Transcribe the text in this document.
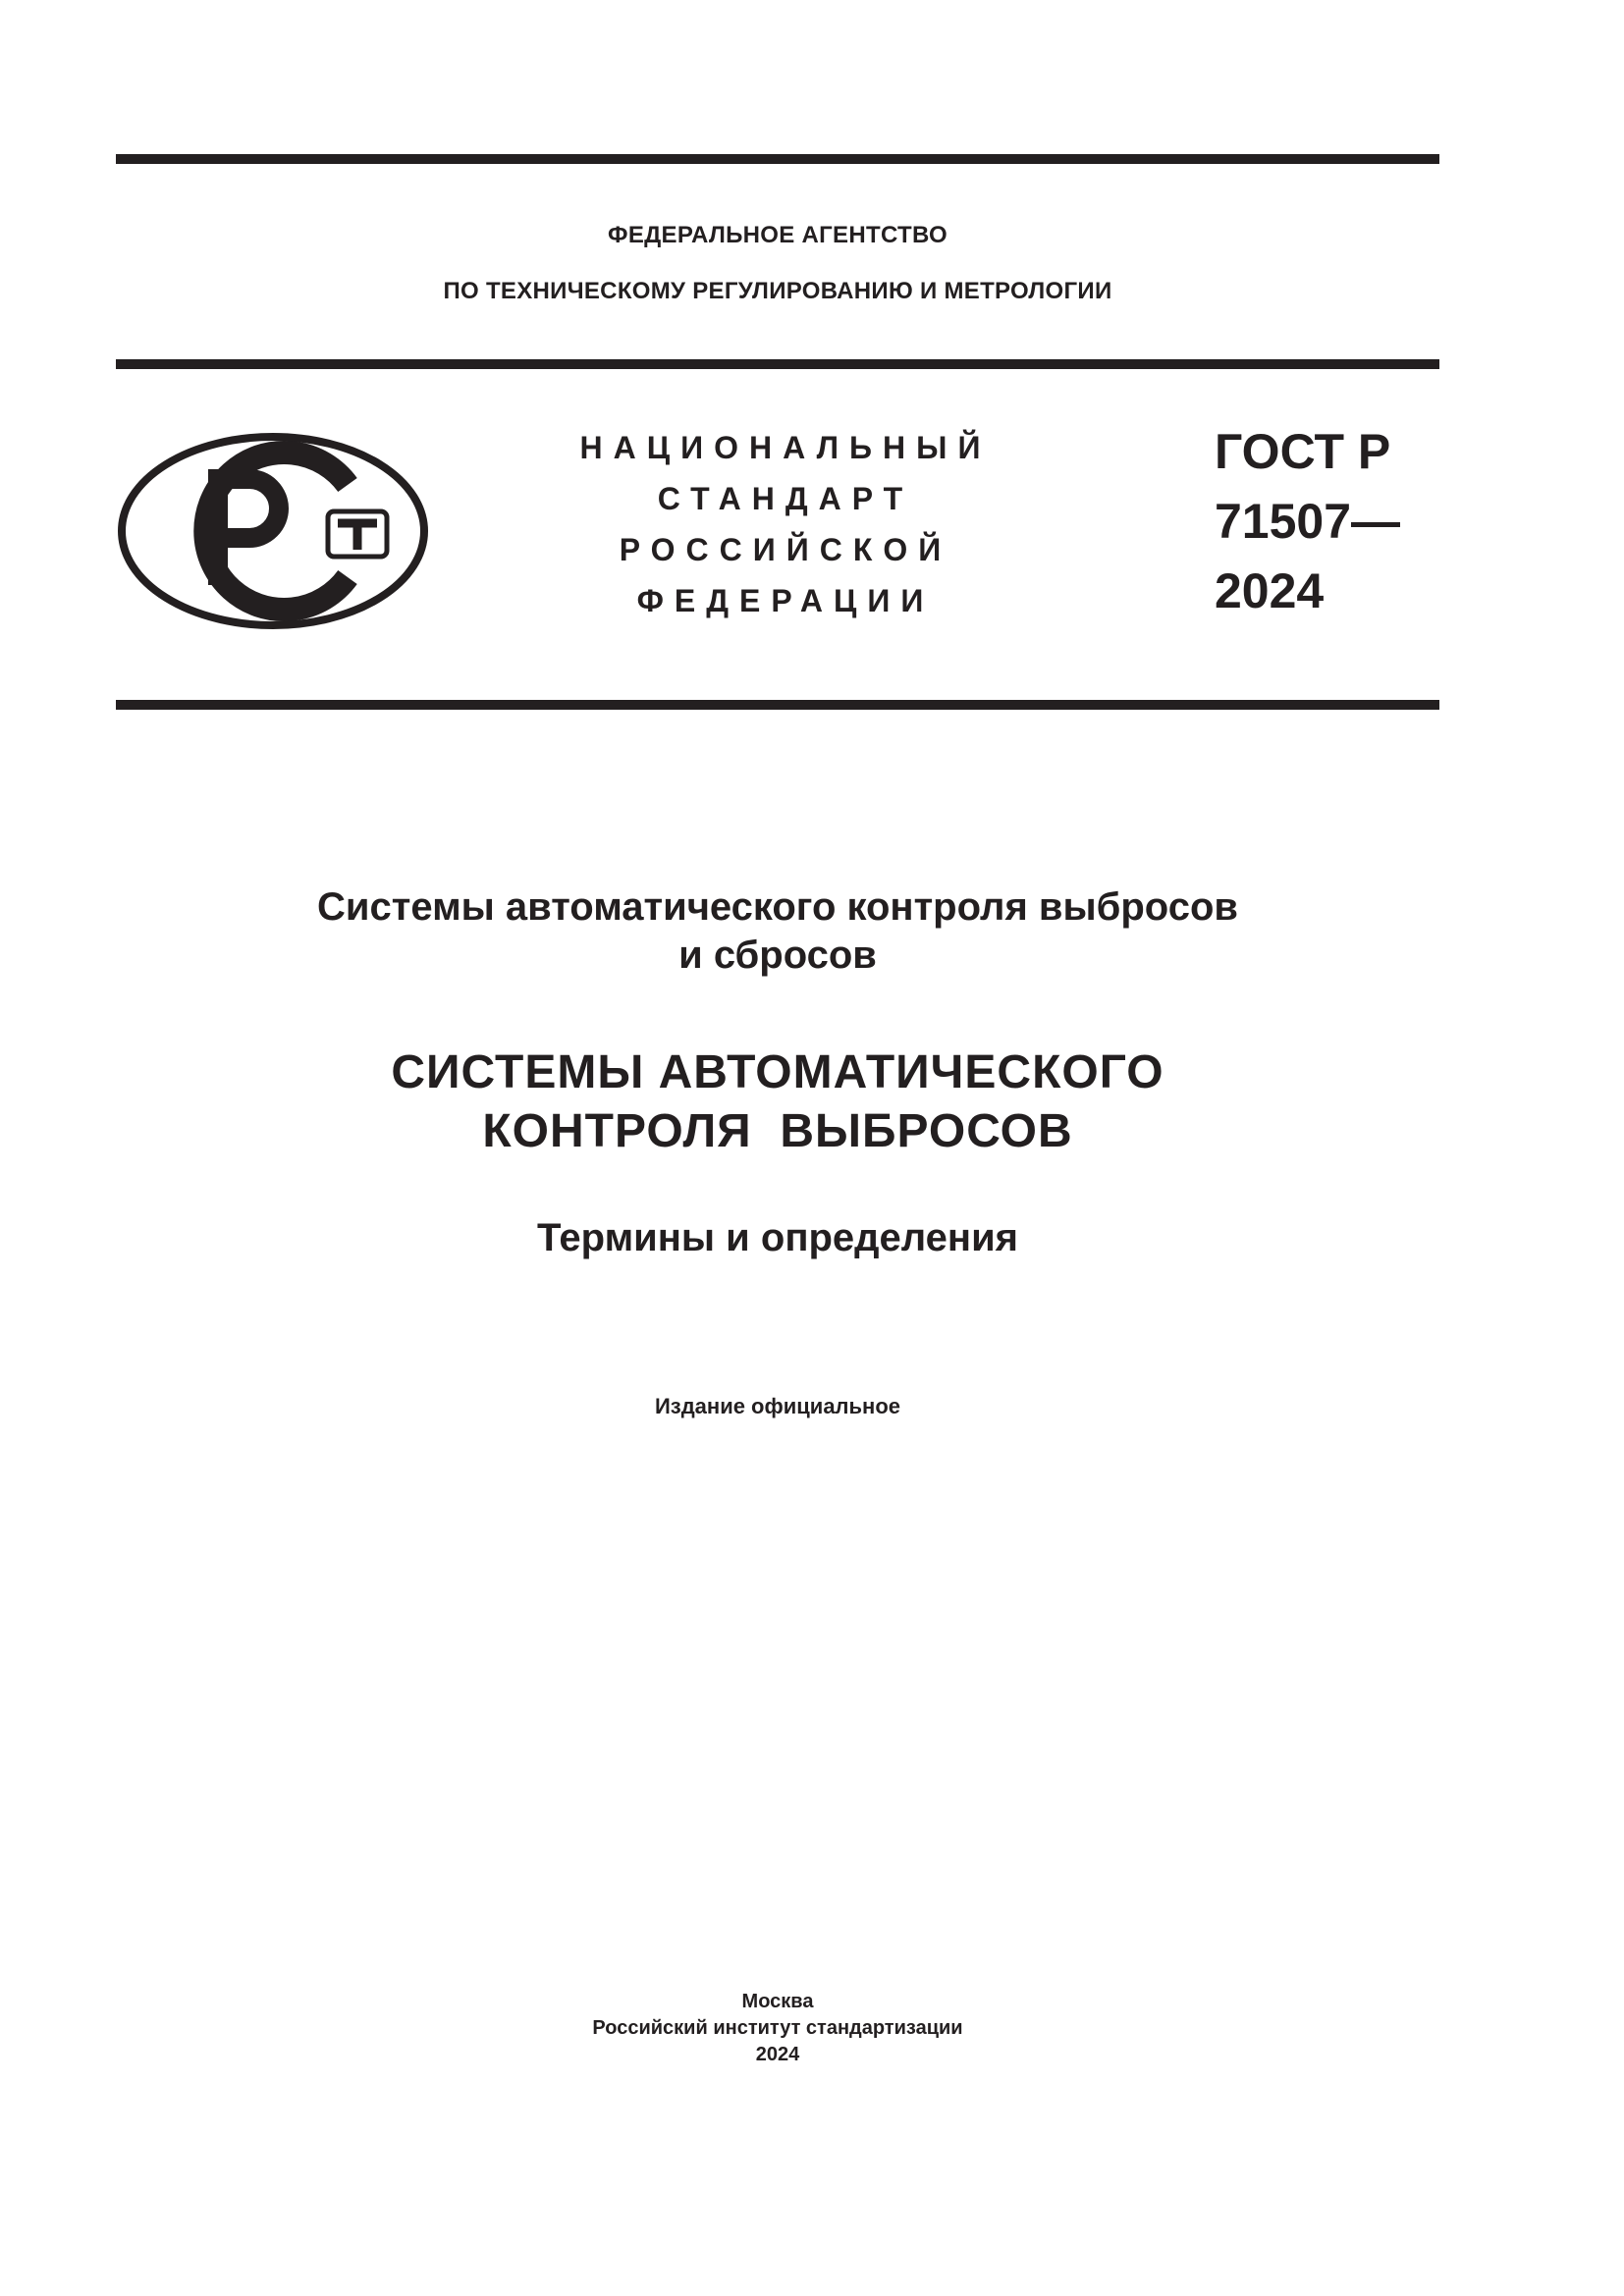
ФЕДЕРАЛЬНОЕ АГЕНТСТВО
ПО ТЕХНИЧЕСКОМУ РЕГУЛИРОВАНИЮ И МЕТРОЛОГИИ
НАЦИОНАЛЬНЫЙ
СТАНДАРТ
РОССИЙСКОЙ
ФЕДЕРАЦИИ
ГОСТ Р
71507—
2024
Системы автоматического контроля выбросов
и сбросов
СИСТЕМЫ АВТОМАТИЧЕСКОГО
КОНТРОЛЯ  ВЫБРОСОВ
Термины и определения
Издание официальное
Москва
Российский институт стандартизации
2024
